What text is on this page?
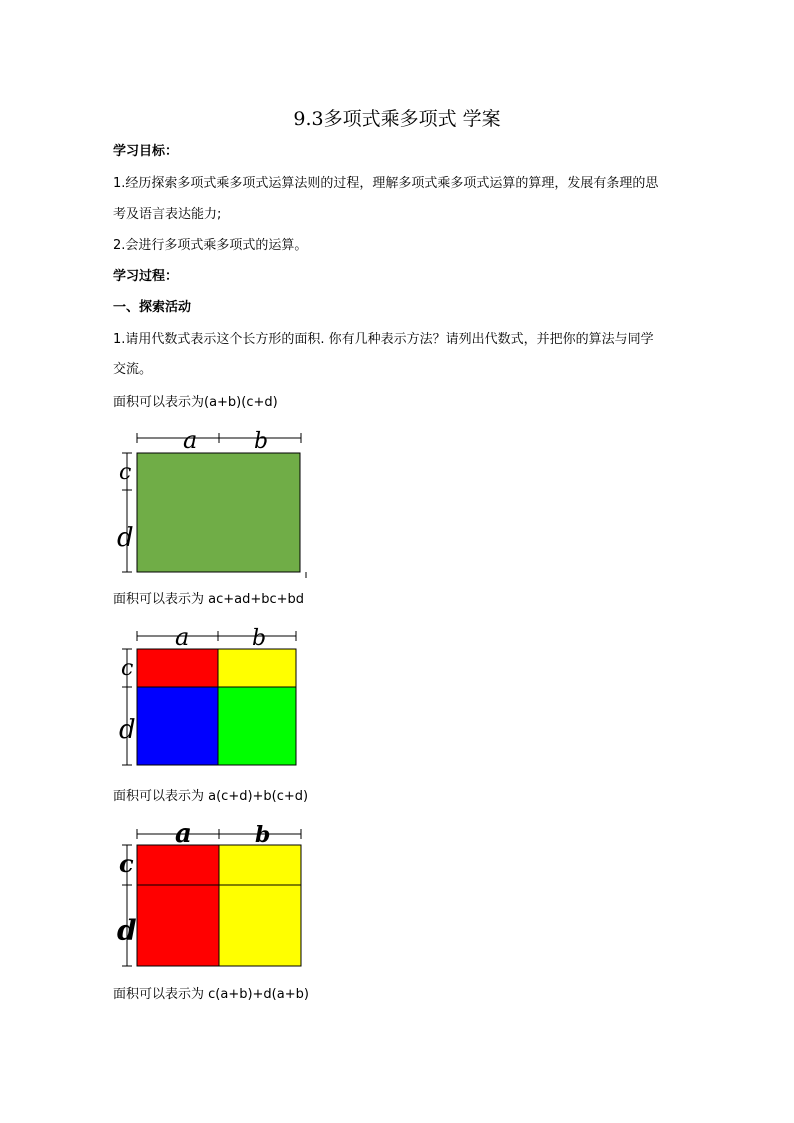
9.3多项式乘多项式 学案
学习目标：
1.经历探索多项式乘多项式运算法则的过程，理解多项式乘多项式运算的算理，发展有条理的思
考及语言表达能力;
2.会进行多项式乘多项式的运算。
学习过程：
一、探索活动
1.请用代数式表示这个长方形的面积. 你有几种表示方法？请列出代数式，并把你的算法与同学
交流。
面积可以表示为(a+b)(c+d)
a	b
c
d
面积可以表示为 ac+ad+bc+bd
a	b
c
d
面积可以表示为 a(c+d)+b(c+d)
a	b
c
d
面积可以表示为 c(a+b)+d(a+b)
